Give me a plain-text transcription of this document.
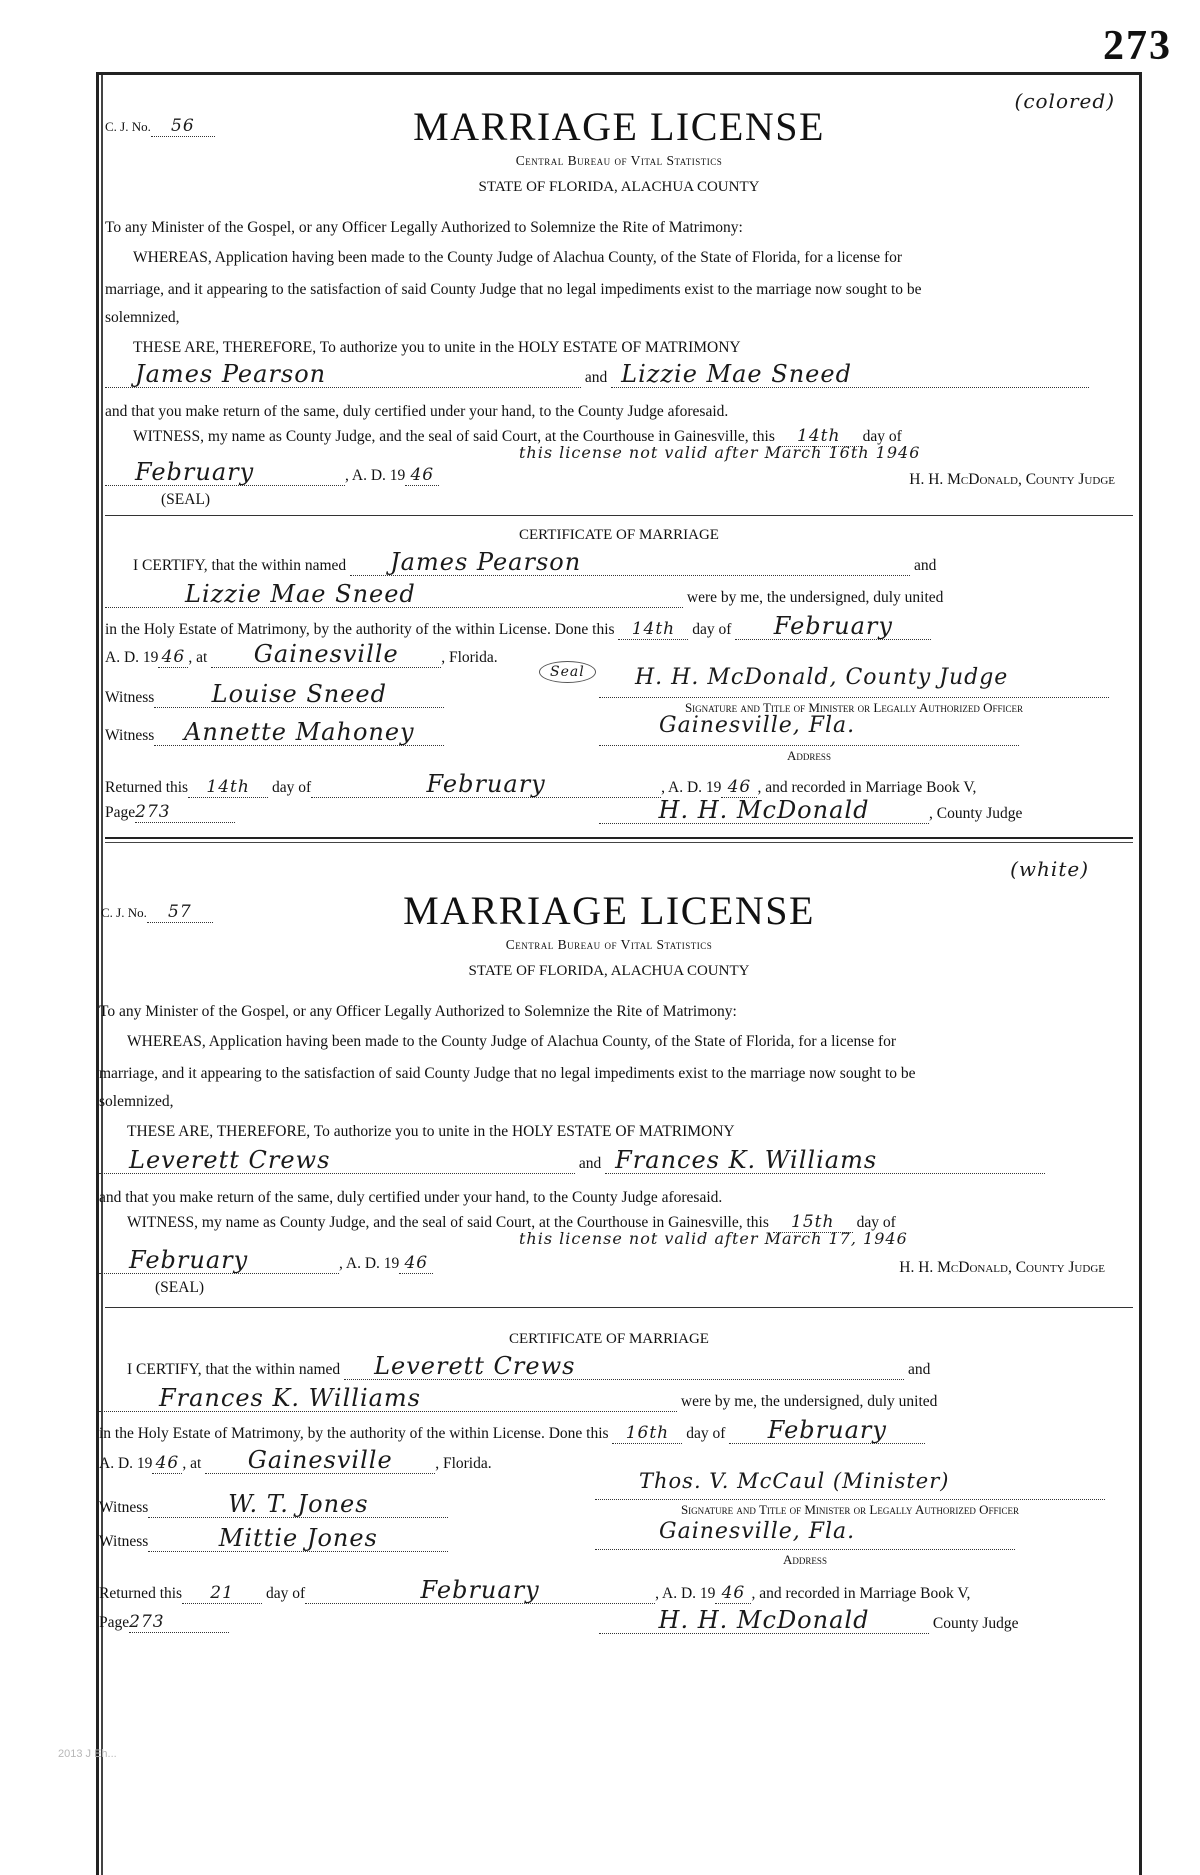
273
(colored)
C. J. No. 56	MARRIAGE LICENSE
Central Bureau of Vital Statistics
STATE OF FLORIDA, ALACHUA COUNTY
To any Minister of the Gospel, or any Officer Legally Authorized to Solemnize the Rite of Matrimony:
WHEREAS, Application having been made to the County Judge of Alachua County, of the State of Florida, for a license for
marriage, and it appearing to the satisfaction of said County Judge that no legal impediments exist to the marriage now sought to be
solemnized,
THESE ARE, THEREFORE, To authorize you to unite in the HOLY ESTATE OF MATRIMONY
James Pearson	and Lizzie Mae Sneed
and that you make return of the same, duly certified under your hand, to the County Judge aforesaid.
WITNESS, my name as County Judge, and the seal of said Court, at the Courthouse in Gainesville, this 14th day of
this license not valid after March 16th 1946
February	, A. D. 19 46	H. H. McDonald, County Judge
(SEAL)
CERTIFICATE OF MARRIAGE
I CERTIFY, that the within named James Pearson	and
Lizzie Mae Sneed	were by me, the undersigned, duly united
in the Holy Estate of Matrimony, by the authority of the within License. Done this 14th day of February
A. D. 19 46 , at Gainesville	, Florida.
Seal
Witness Louise Sneed
H. H. McDonald, County Judge
Signature and Title of Minister or Legally Authorized Officer
Witness Annette Mahoney	Gainesville, Fla.
Address
Returned this 14th day of	February	, A. D. 19 46 , and recorded in Marriage Book V,
Page273	H. H. McDonald	, County Judge
(white)
C. J. No. 57	MARRIAGE LICENSE
Central Bureau of Vital Statistics
STATE OF FLORIDA, ALACHUA COUNTY
To any Minister of the Gospel, or any Officer Legally Authorized to Solemnize the Rite of Matrimony:
WHEREAS, Application having been made to the County Judge of Alachua County, of the State of Florida, for a license for
marriage, and it appearing to the satisfaction of said County Judge that no legal impediments exist to the marriage now sought to be
solemnized,
THESE ARE, THEREFORE, To authorize you to unite in the HOLY ESTATE OF MATRIMONY
Leverett Crews	and Frances K. Williams
and that you make return of the same, duly certified under your hand, to the County Judge aforesaid.
WITNESS, my name as County Judge, and the seal of said Court, at the Courthouse in Gainesville, this 15th day of
this license not valid after March 17, 1946
February	, A. D. 19 46	H. H. McDonald, County Judge
(SEAL)
CERTIFICATE OF MARRIAGE
I CERTIFY, that the within named Leverett Crews	and
Frances K. Williams	were by me, the undersigned, duly united
in the Holy Estate of Matrimony, by the authority of the within License. Done this 16th day of February
A. D. 19 46 , at Gainesville	, Florida.
Thos. V. McCaul (Minister)
Witness	W. T. Jones	Signature and Title of Minister or Legally Authorized Officer
Gainesville, Fla.
Witness	Mittie Jones
Address
Returned this 21 day of	February	, A. D. 19 46 , and recorded in Marriage Book V,
Page273	H. H. McDonald	County Judge
2013 J Eh...
